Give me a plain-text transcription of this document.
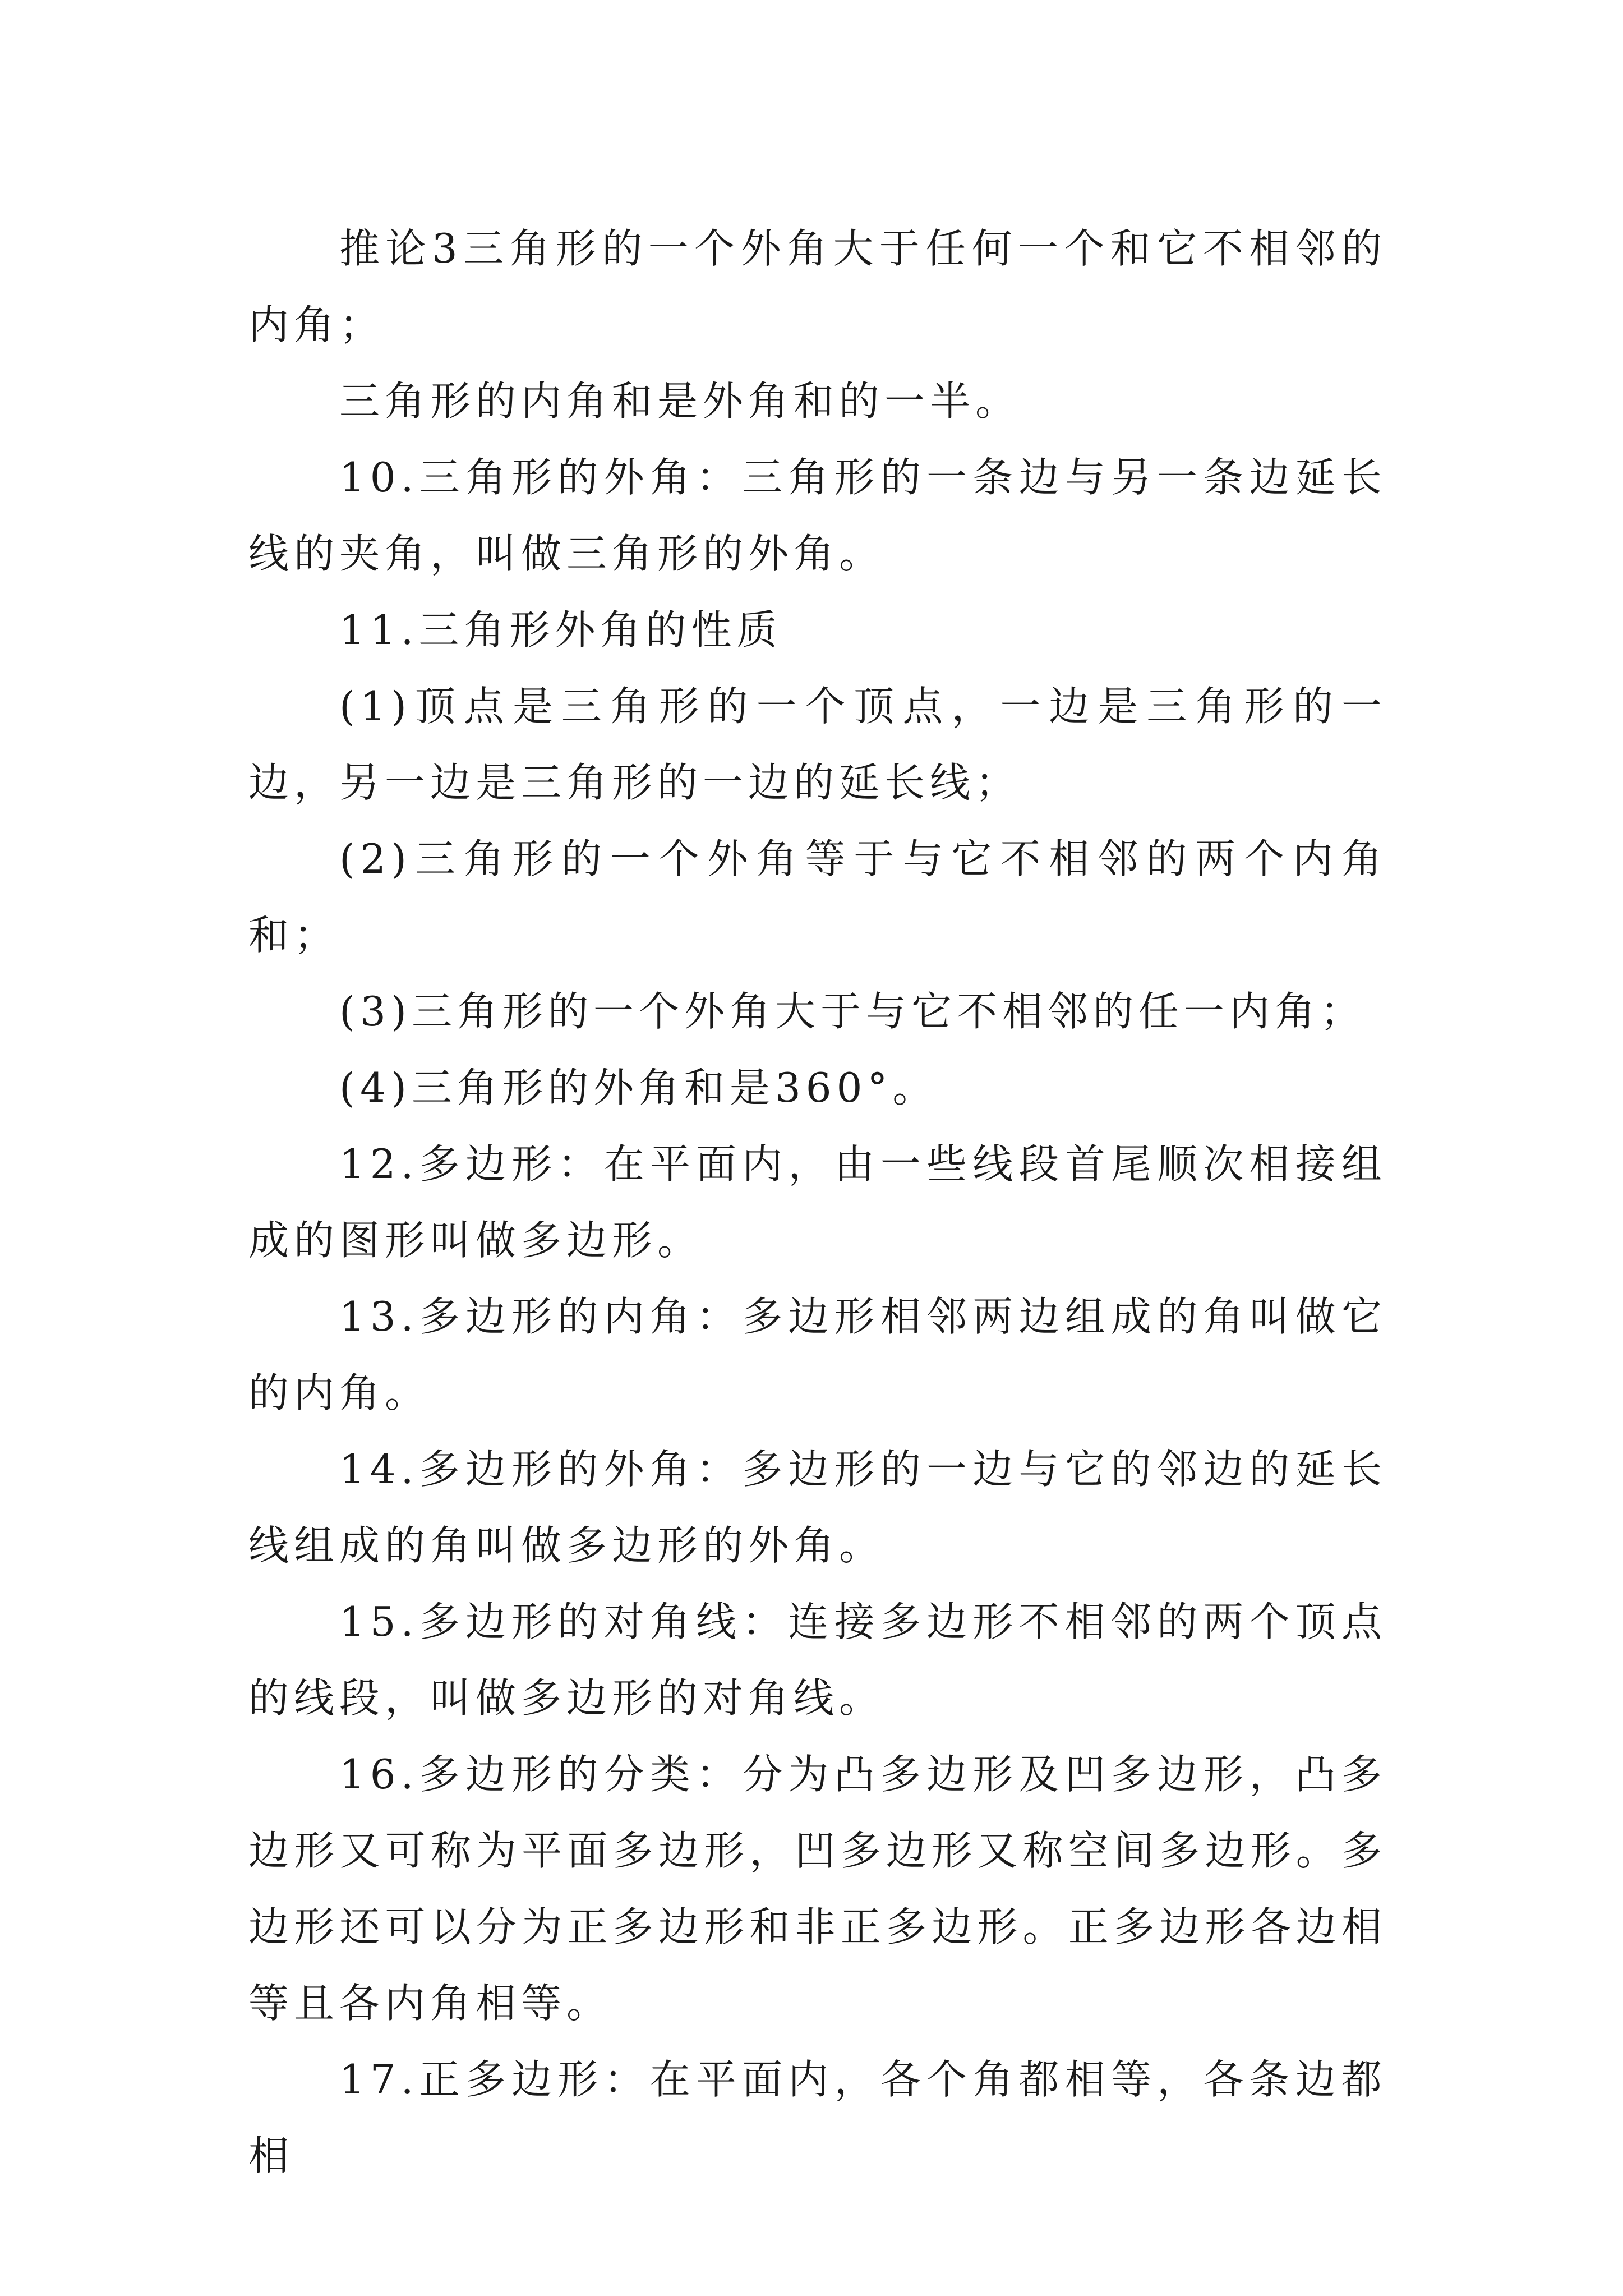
推论3三角形的一个外角大于任何一个和它不相邻的内角；

三角形的内角和是外角和的一半。

10.三角形的外角：三角形的一条边与另一条边延长线的夹角，叫做三角形的外角。

11.三角形外角的性质

(1)顶点是三角形的一个顶点，一边是三角形的一边，另一边是三角形的一边的延长线；

(2)三角形的一个外角等于与它不相邻的两个内角和；

(3)三角形的一个外角大于与它不相邻的任一内角；

(4)三角形的外角和是360°。

12.多边形：在平面内，由一些线段首尾顺次相接组成的图形叫做多边形。

13.多边形的内角：多边形相邻两边组成的角叫做它的内角。

14.多边形的外角：多边形的一边与它的邻边的延长线组成的角叫做多边形的外角。

15.多边形的对角线：连接多边形不相邻的两个顶点的线段，叫做多边形的对角线。

16.多边形的分类：分为凸多边形及凹多边形，凸多边形又可称为平面多边形，凹多边形又称空间多边形。多边形还可以分为正多边形和非正多边形。正多边形各边相等且各内角相等。

17.正多边形：在平面内，各个角都相等，各条边都相
